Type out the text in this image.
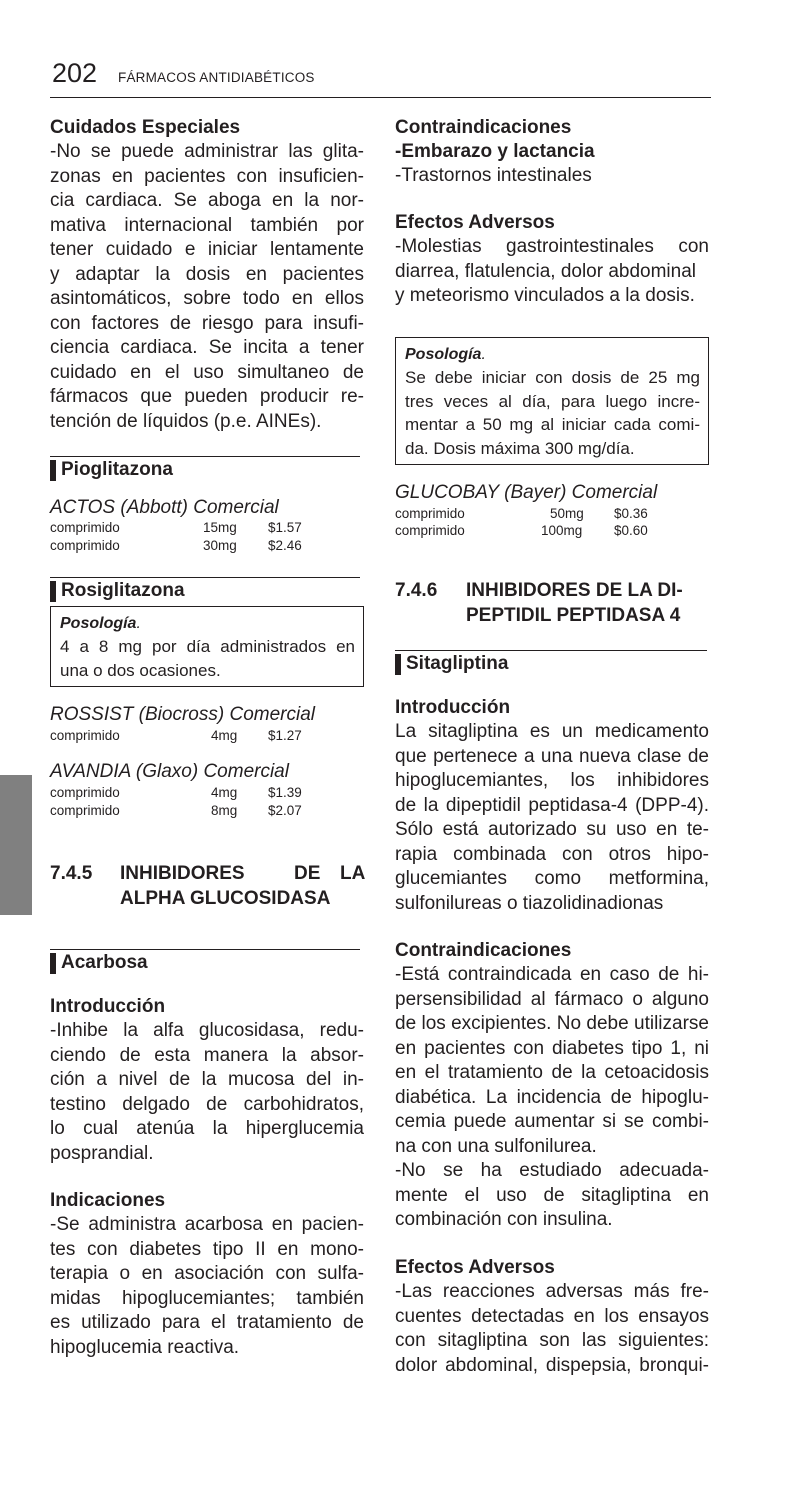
202 FÁRMACOS ANTIDIABÉTICOS
Cuidados Especiales
-No se puede administrar las glita-
zonas en pacientes con insuficien-
cia cardiaca. Se aboga en la nor-
mativa internacional también por
tener cuidado e iniciar lentamente
y adaptar la dosis en pacientes
asintomáticos, sobre todo en ellos
con factores de riesgo para insufi-
ciencia cardiaca. Se incita a tener
cuidado en el uso simultaneo de
fármacos que pueden producir re-
tención de líquidos (p.e. AINEs).
Pioglitazona
ACTOS (Abbott) Comercial
comprimido	15mg $1.57
comprimido	30mg $2.46
Rosiglitazona
Posología.
4 a 8 mg por día administrados en
una o dos ocasiones.
ROSSIST (Biocross) Comercial
comprimido	4mg $1.27
AVANDIA (Glaxo) Comercial
comprimido	4mg $1.39
comprimido	8mg $2.07
7.4.5 INHIBIDORES	DE LA
ALPHA GLUCOSIDASA
Acarbosa
Introducción
-Inhibe la alfa glucosidasa, redu-
ciendo de esta manera la absor-
ción a nivel de la mucosa del in-
testino delgado de carbohidratos,
lo cual atenúa la hiperglucemia
posprandial.
Indicaciones
-Se administra acarbosa en pacien-
tes con diabetes tipo II en mono-
terapia o en asociación con sulfa-
midas hipoglucemiantes; también
es utilizado para el tratamiento de
hipoglucemia reactiva.
Contraindicaciones
-Embarazo y lactancia
-Trastornos intestinales
Efectos Adversos
-Molestias gastrointestinales con
diarrea, flatulencia, dolor abdominal
y meteorismo vinculados a la dosis.
Posología.
Se debe iniciar con dosis de 25 mg
tres veces al día, para luego incre-
mentar a 50 mg al iniciar cada comi-
da. Dosis máxima 300 mg/día.
GLUCOBAY (Bayer) Comercial
comprimido	50mg $0.36
comprimido	100mg $0.60
7.4.6 INHIBIDORES DE LA DI-
PEPTIDIL PEPTIDASA 4
Sitagliptina
Introducción
La sitagliptina es un medicamento
que pertenece a una nueva clase de
hipoglucemiantes, los inhibidores
de la dipeptidil peptidasa-4 (DPP-4).
Sólo está autorizado su uso en te-
rapia combinada con otros hipo-
glucemiantes como metformina,
sulfonilureas o tiazolidinadionas
Contraindicaciones
-Está contraindicada en caso de hi-
persensibilidad al fármaco o alguno
de los excipientes. No debe utilizarse
en pacientes con diabetes tipo 1, ni
en el tratamiento de la cetoacidosis
diabética. La incidencia de hipoglu-
cemia puede aumentar si se combi-
na con una sulfonilurea.
-No se ha estudiado adecuada-
mente el uso de sitagliptina en
combinación con insulina.
Efectos Adversos
-Las reacciones adversas más fre-
cuentes detectadas en los ensayos
con sitagliptina son las siguientes:
dolor abdominal, dispepsia, bronqui-
